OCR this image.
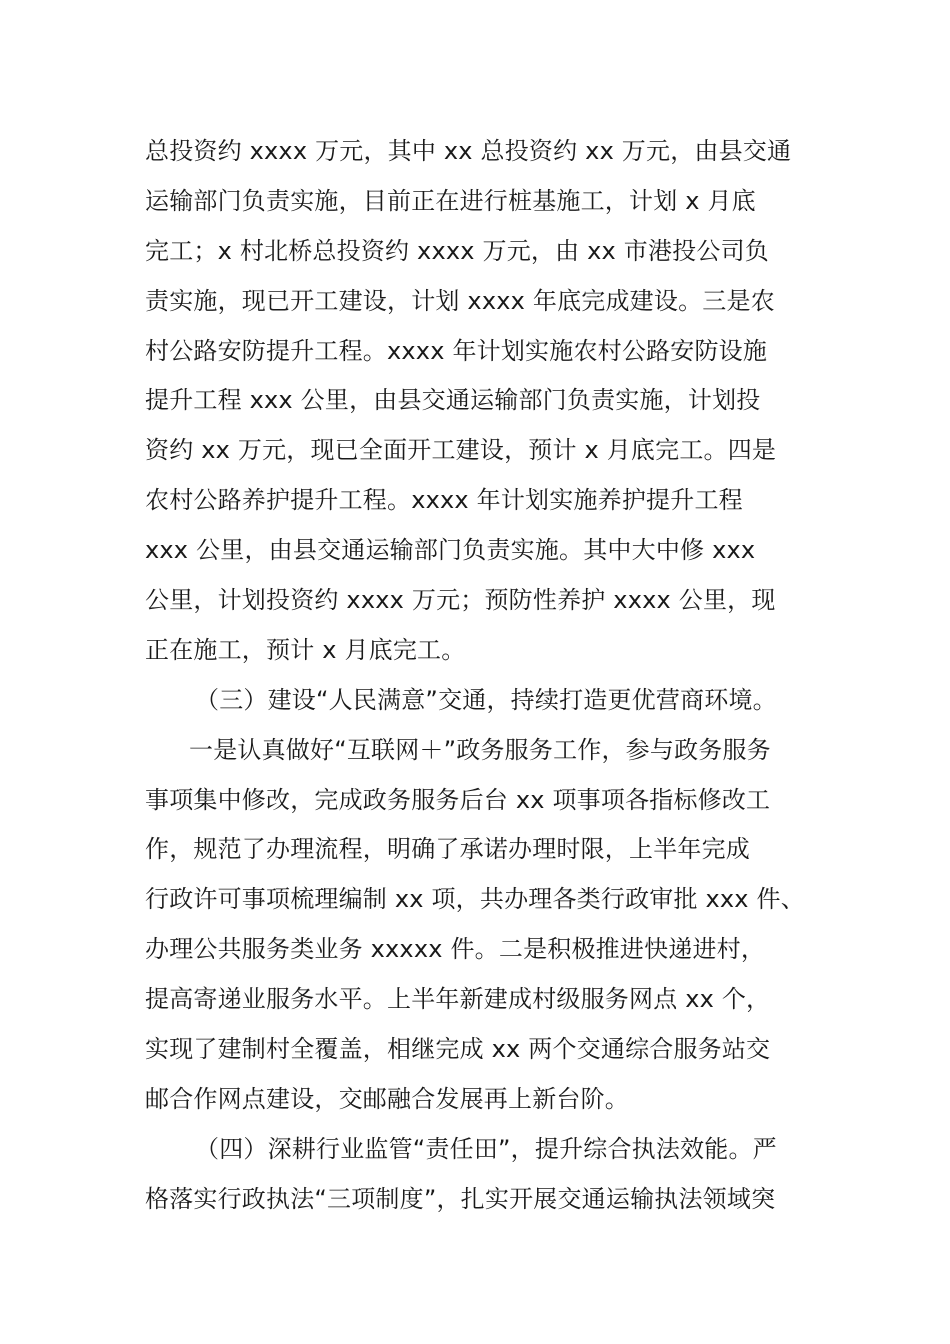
总投资约 xxxx 万元，其中 xx 总投资约 xx 万元，由县交通
运输部门负责实施，目前正在进行桩基施工，计划 x 月底
完工；x 村北桥总投资约 xxxx 万元，由 xx 市港投公司负
责实施，现已开工建设，计划 xxxx 年底完成建设。三是农
村公路安防提升工程。xxxx 年计划实施农村公路安防设施
提升工程 xxx 公里，由县交通运输部门负责实施，计划投
资约 xx 万元，现已全面开工建设，预计 x 月底完工。四是
农村公路养护提升工程。xxxx 年计划实施养护提升工程
xxx 公里，由县交通运输部门负责实施。其中大中修 xxx
公里，计划投资约 xxxx 万元；预防性养护 xxxx 公里，现
正在施工，预计 x 月底完工。
（三）建设“人民满意”交通，持续打造更优营商环境。
一是认真做好“互联网＋”政务服务工作，参与政务服务
事项集中修改，完成政务服务后台 xx 项事项各指标修改工
作，规范了办理流程，明确了承诺办理时限，上半年完成
行政许可事项梳理编制 xx 项，共办理各类行政审批 xxx 件、
办理公共服务类业务 xxxxx 件。二是积极推进快递进村，
提高寄递业服务水平。上半年新建成村级服务网点 xx 个，
实现了建制村全覆盖，相继完成 xx 两个交通综合服务站交
邮合作网点建设，交邮融合发展再上新台阶。
（四）深耕行业监管“责任田”，提升综合执法效能。严
格落实行政执法“三项制度”，扎实开展交通运输执法领域突
